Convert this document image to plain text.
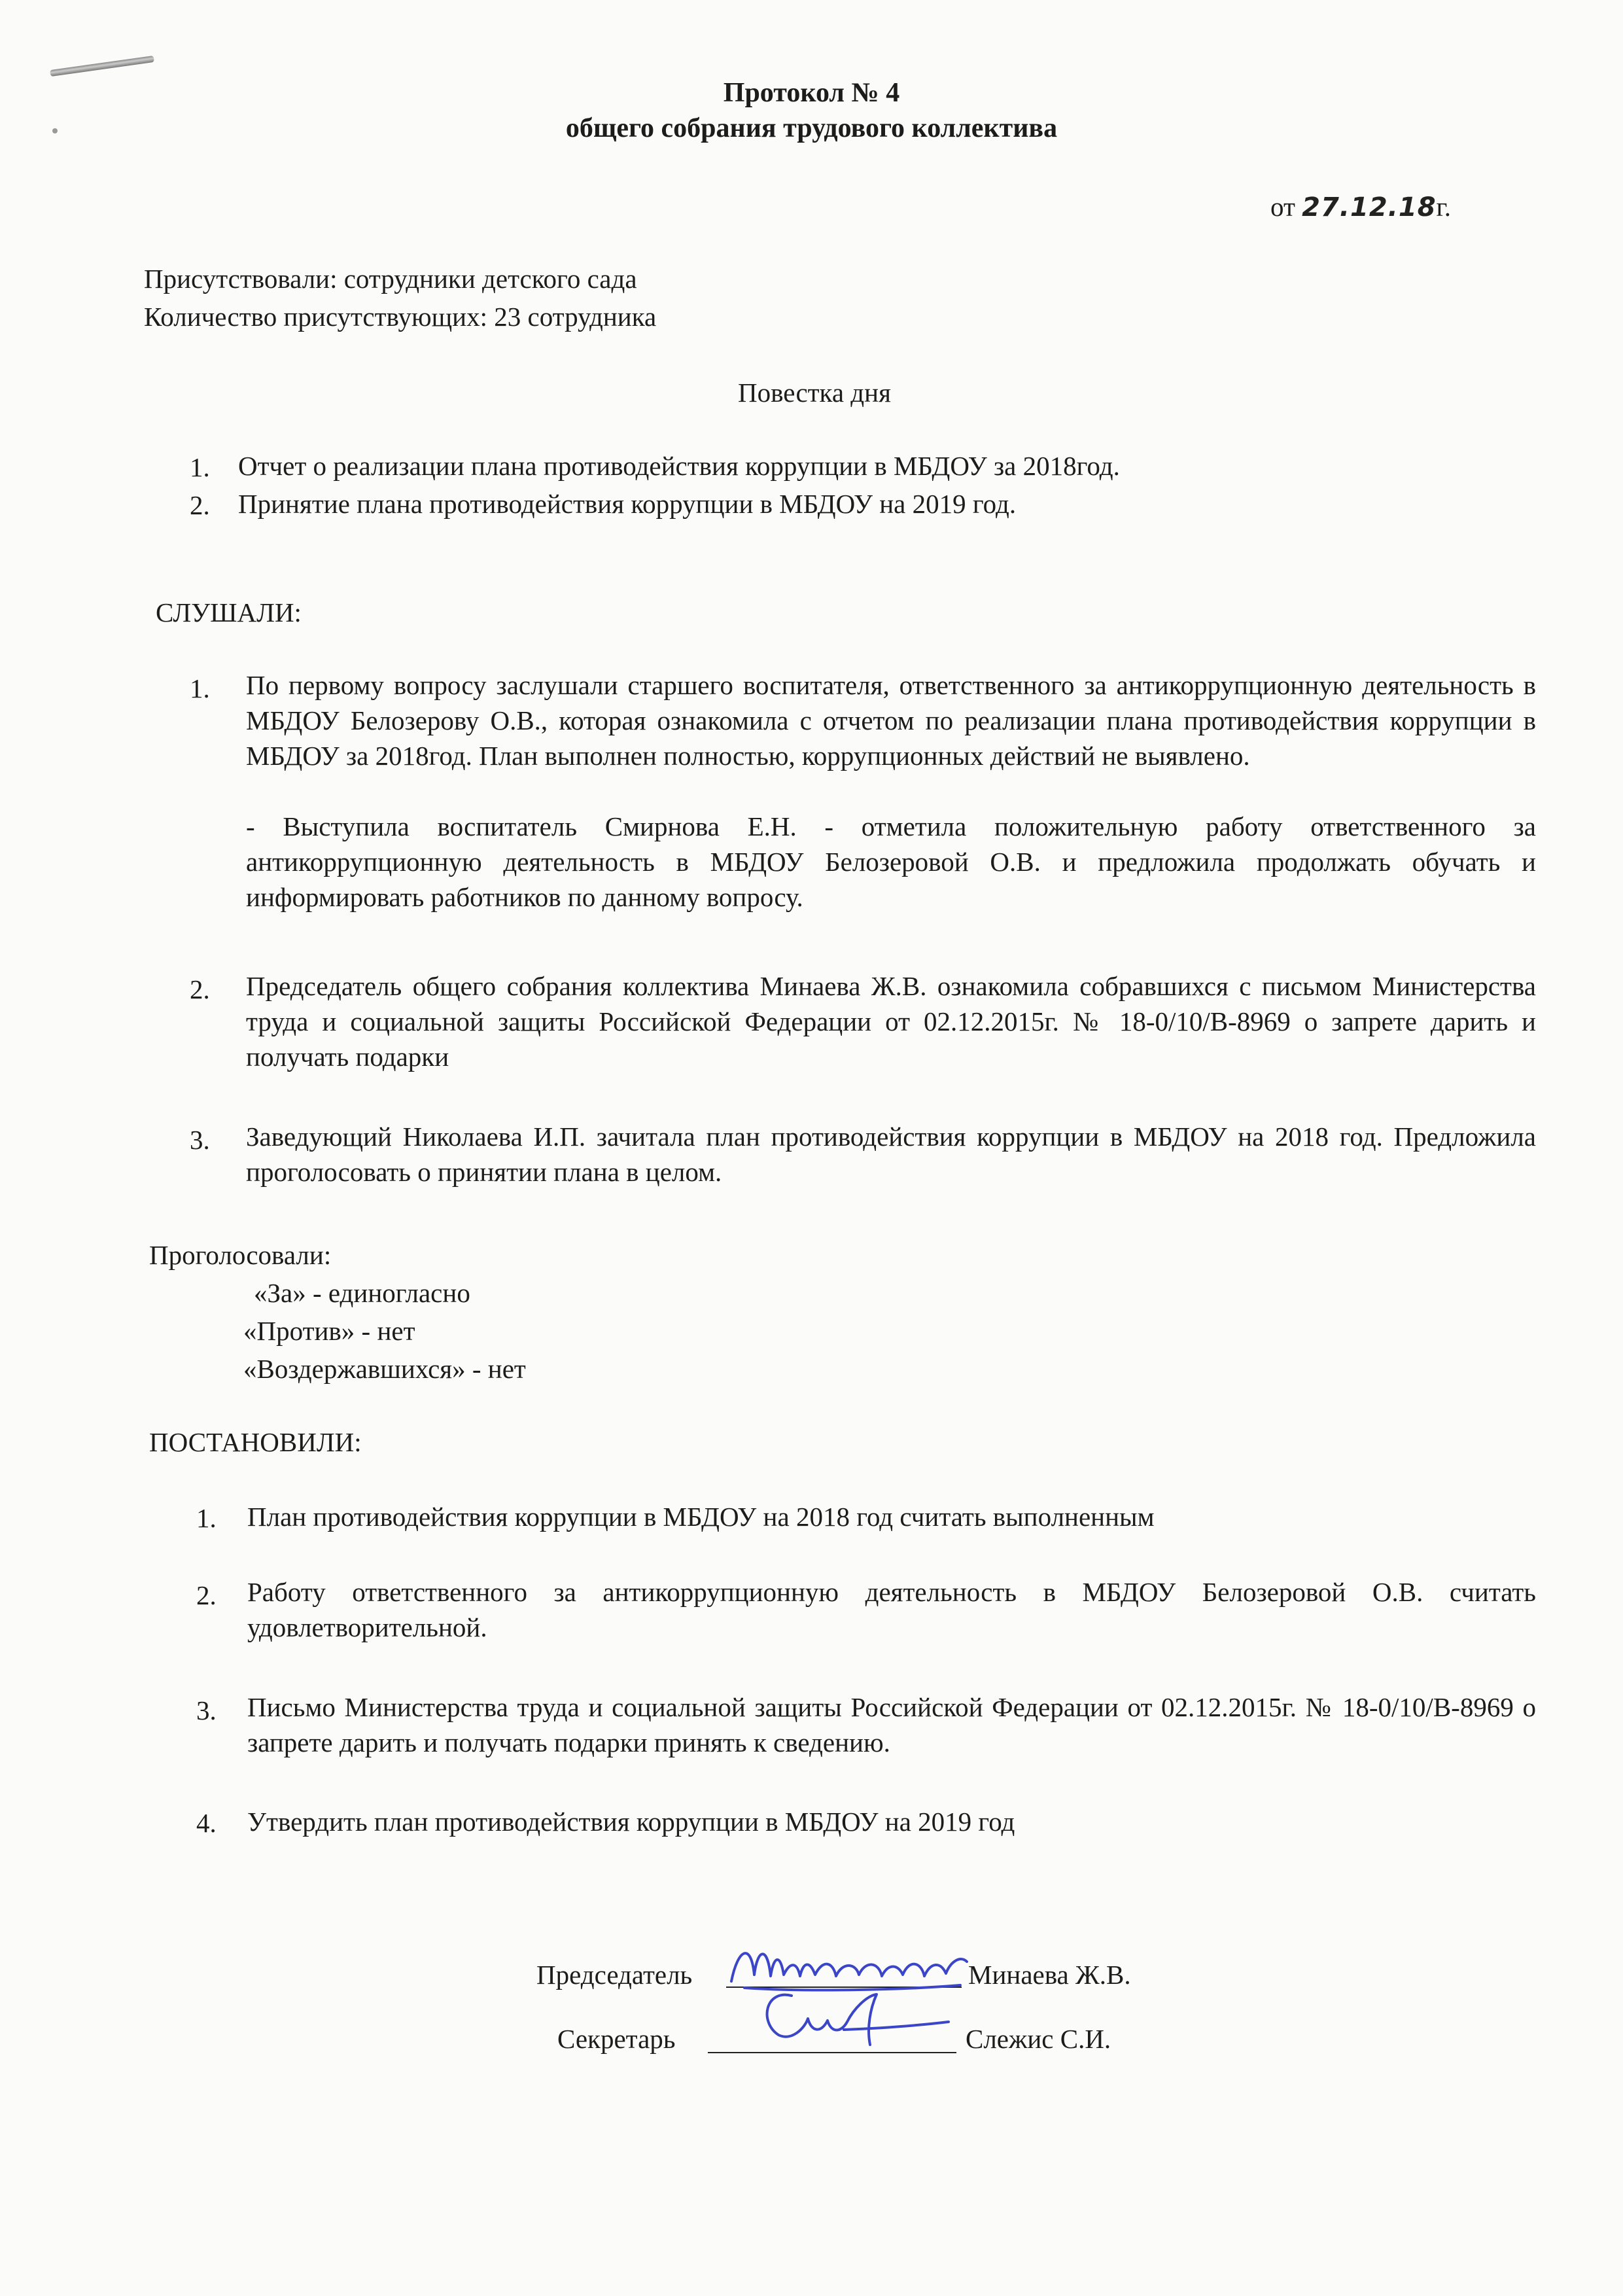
Протокол № 4
общего собрания трудового коллектива
от 27.12.18г.
Присутствовали: сотрудники детского сада
Количество присутствующих: 23 сотрудника
Повестка дня
1. Отчет о реализации плана противодействия коррупции в МБДОУ за 2018год.
2. Принятие плана противодействия коррупции в МБДОУ на 2019 год.
СЛУШАЛИ:
1. По первому вопросу заслушали старшего воспитателя, ответственного за антикоррупционную деятельность в МБДОУ Белозерову О.В., которая ознакомила с отчетом по реализации плана противодействия коррупции в МБДОУ за 2018год. План выполнен полностью, коррупционных действий не выявлено.
- Выступила воспитатель Смирнова Е.Н. - отметила положительную работу ответственного за антикоррупционную деятельность в МБДОУ Белозеровой О.В. и предложила продолжать обучать и информировать работников по данному вопросу.
2. Председатель общего собрания коллектива Минаева Ж.В. ознакомила собравшихся с письмом Министерства труда и социальной защиты Российской Федерации от 02.12.2015г. № 18-0/10/В-8969 о запрете дарить и получать подарки
3. Заведующий Николаева И.П. зачитала план противодействия коррупции в МБДОУ на 2018 год. Предложила проголосовать о принятии плана в целом.
Проголосовали:
«За» - единогласно
«Против» - нет
«Воздержавшихся» - нет
ПОСТАНОВИЛИ:
1. План противодействия коррупции в МБДОУ на 2018 год считать выполненным
2. Работу ответственного за антикоррупционную деятельность в МБДОУ Белозеровой О.В. считать удовлетворительной.
3. Письмо Министерства труда и социальной защиты Российской Федерации от 02.12.2015г. № 18-0/10/В-8969 о запрете дарить и получать подарки принять к сведению.
4. Утвердить план противодействия коррупции в МБДОУ на 2019 год
Председатель	Минаева Ж.В.
Секретарь	Слежис С.И.
